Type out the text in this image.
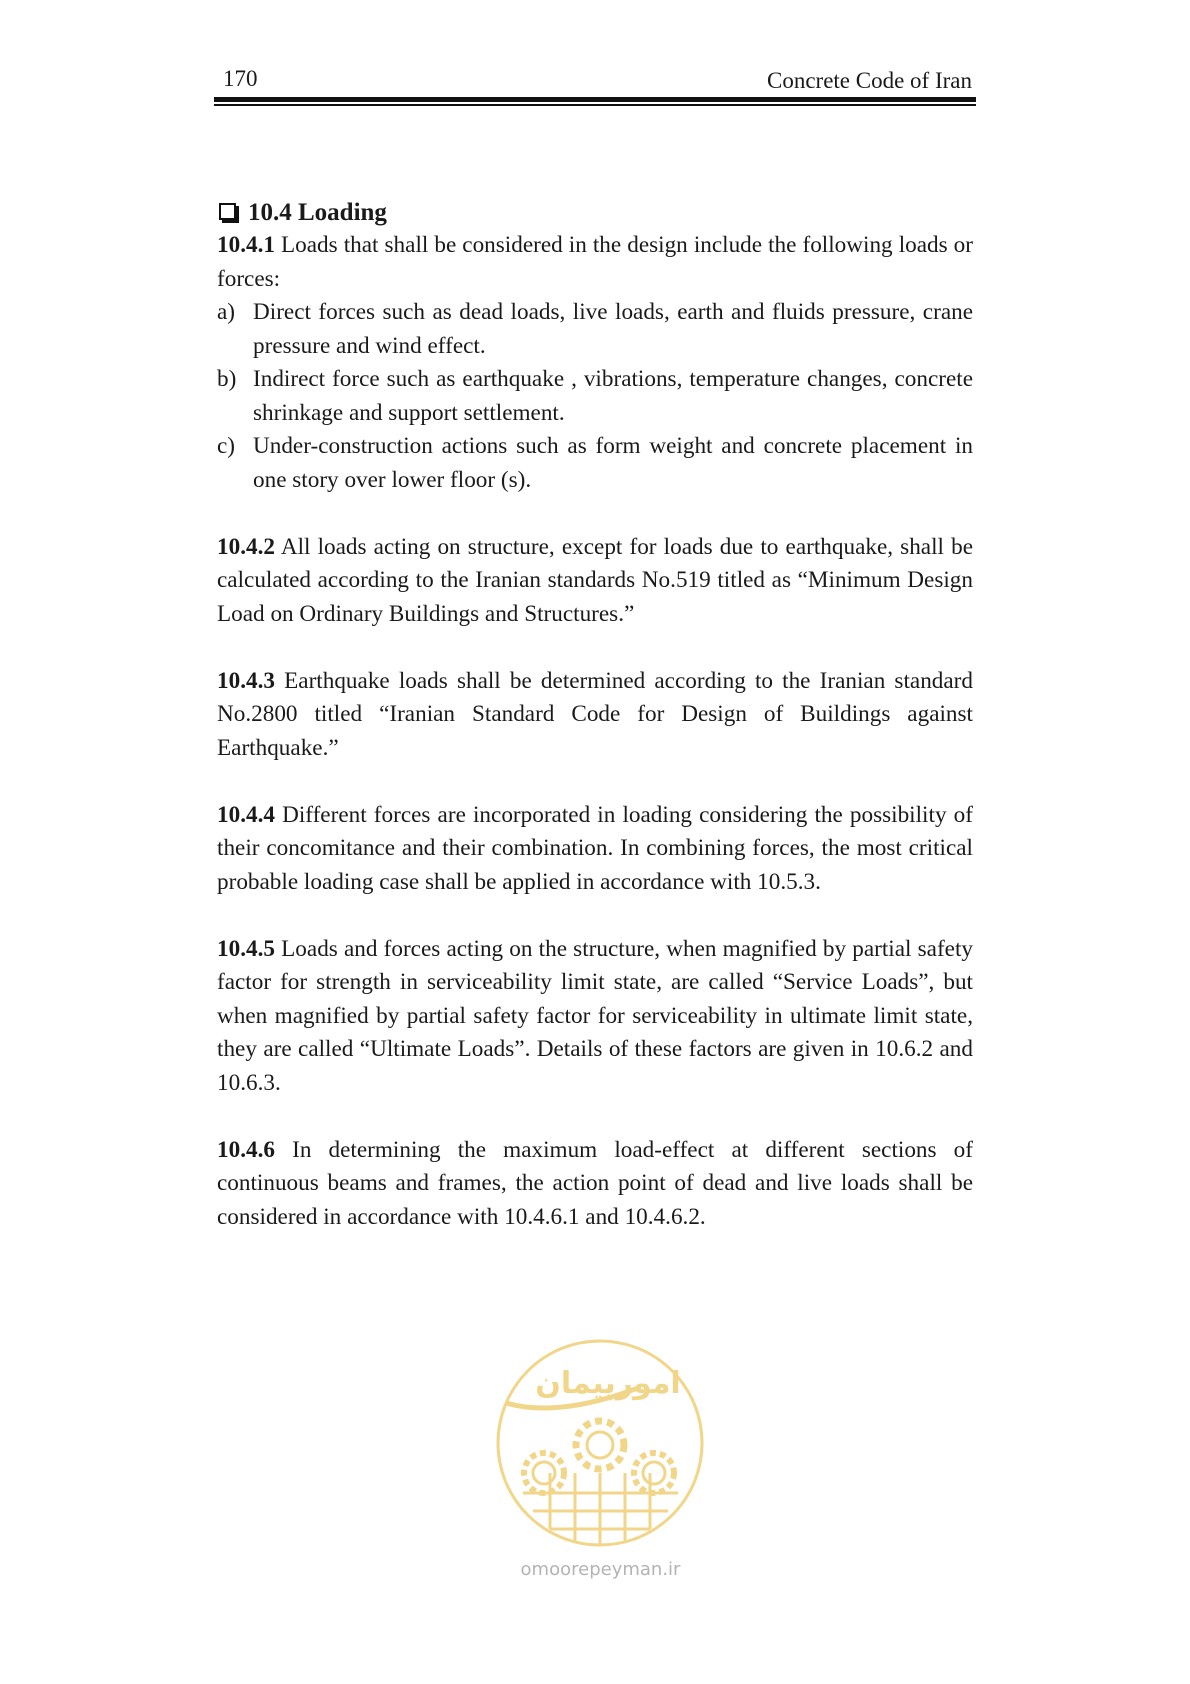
170	Concrete Code of Iran
10.4 Loading

10.4.1 Loads that shall be considered in the design include the following loads or forces:

a) Direct forces such as dead loads, live loads, earth and fluids pressure, crane pressure and wind effect.
b) Indirect force such as earthquake , vibrations, temperature changes, concrete shrinkage and support settlement.
c) Under-construction actions such as form weight and concrete placement in one story over lower floor (s).

10.4.2 All loads acting on structure, except for loads due to earthquake, shall be calculated according to the Iranian standards No.519 titled as “Minimum Design Load on Ordinary Buildings and Structures.”

10.4.3 Earthquake loads shall be determined according to the Iranian standard No.2800 titled “Iranian Standard Code for Design of Buildings against Earthquake.”

10.4.4 Different forces are incorporated in loading considering the possibility of their concomitance and their combination. In combining forces, the most critical probable loading case shall be applied in accordance with 10.5.3.

10.4.5 Loads and forces acting on the structure, when magnified by partial safety factor for strength in serviceability limit state, are called “Service Loads”, but when magnified by partial safety factor for serviceability in ultimate limit state, they are called “Ultimate Loads”. Details of these factors are given in 10.6.2 and 10.6.3.

10.4.6 In determining the maximum load-effect at different sections of continuous beams and frames, the action point of dead and live loads shall be considered in accordance with 10.4.6.1 and 10.4.6.2.

امورپیمان
omoorepeyman.ir
